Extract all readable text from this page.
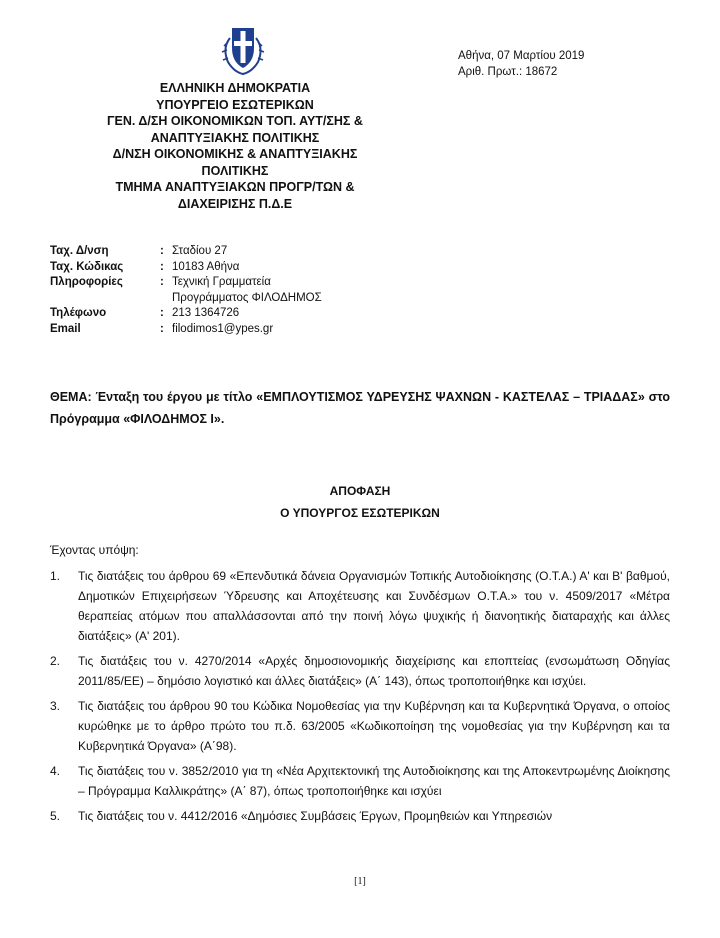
Αθήνα, 07 Μαρτίου 2019
Αριθ. Πρωτ.: 18672
ΕΛΛΗΝΙΚΗ ΔΗΜΟΚΡΑΤΙΑ
ΥΠΟΥΡΓΕΙΟ ΕΣΩΤΕΡΙΚΩΝ
ΓΕΝ. Δ/ΣΗ ΟΙΚΟΝΟΜΙΚΩΝ ΤΟΠ. ΑΥΤ/ΣΗΣ &
ΑΝΑΠΤΥΞΙΑΚΗΣ ΠΟΛΙΤΙΚΗΣ
Δ/ΝΣΗ ΟΙΚΟΝΟΜΙΚΗΣ & ΑΝΑΠΤΥΞΙΑΚΗΣ
ΠΟΛΙΤΙΚΗΣ
ΤΜΗΜΑ ΑΝΑΠΤΥΞΙΑΚΩΝ ΠΡΟΓΡ/ΤΩΝ &
ΔΙΑΧΕΙΡΙΣΗΣ Π.Δ.Ε
Ταχ. Δ/νση	: Σταδίου 27
Ταχ. Κώδικας	: 10183 Αθήνα
Πληροφορίες	: Τεχνική Γραμματεία
Προγράμματος ΦΙΛΟΔΗΜΟΣ
Τηλέφωνο	: 213 1364726
Email	: filodimos1@ypes.gr
ΘΕΜΑ: Ένταξη του έργου με τίτλο «ΕΜΠΛΟΥΤΙΣΜΟΣ ΥΔΡΕΥΣΗΣ ΨΑΧΝΩΝ - ΚΑΣΤΕΛΑΣ – ΤΡΙΑΔΑΣ» στο Πρόγραμμα «ΦΙΛΟΔΗΜΟΣ Ι».
ΑΠΟΦΑΣΗ
Ο ΥΠΟΥΡΓΟΣ ΕΣΩΤΕΡΙΚΩΝ
Έχοντας υπόψη:
1.	Τις διατάξεις του άρθρου 69 «Επενδυτικά δάνεια Οργανισμών Τοπικής Αυτοδιοίκησης (Ο.Τ.Α.) Α' και Β' βαθμού, Δημοτικών Επιχειρήσεων Ύδρευσης και Αποχέτευσης και Συνδέσμων Ο.Τ.Α.» του ν. 4509/2017 «Μέτρα θεραπείας ατόμων που απαλλάσσονται από την ποινή λόγω ψυχικής ή διανοητικής διαταραχής και άλλες διατάξεις» (Α' 201).
2.	Τις διατάξεις του ν. 4270/2014 «Αρχές δημοσιονομικής διαχείρισης και εποπτείας (ενσωμάτωση Οδηγίας 2011/85/ΕΕ) – δημόσιο λογιστικό και άλλες διατάξεις» (Α΄ 143), όπως τροποποιήθηκε και ισχύει.
3.	Τις διατάξεις του άρθρου 90 του Κώδικα Νομοθεσίας για την Κυβέρνηση και τα Κυβερνητικά Όργανα, ο οποίος κυρώθηκε με το άρθρο πρώτο του π.δ. 63/2005 «Κωδικοποίηση της νομοθεσίας για την Κυβέρνηση και τα Κυβερνητικά Όργανα» (Α΄98).
4.	Τις διατάξεις του ν. 3852/2010 για τη «Νέα Αρχιτεκτονική της Αυτοδιοίκησης και της Αποκεντρωμένης Διοίκησης – Πρόγραμμα Καλλικράτης» (Α΄ 87), όπως τροποποιήθηκε και ισχύει
5.	Τις διατάξεις του ν. 4412/2016 «Δημόσιες Συμβάσεις Έργων, Προμηθειών και Υπηρεσιών
[1]
